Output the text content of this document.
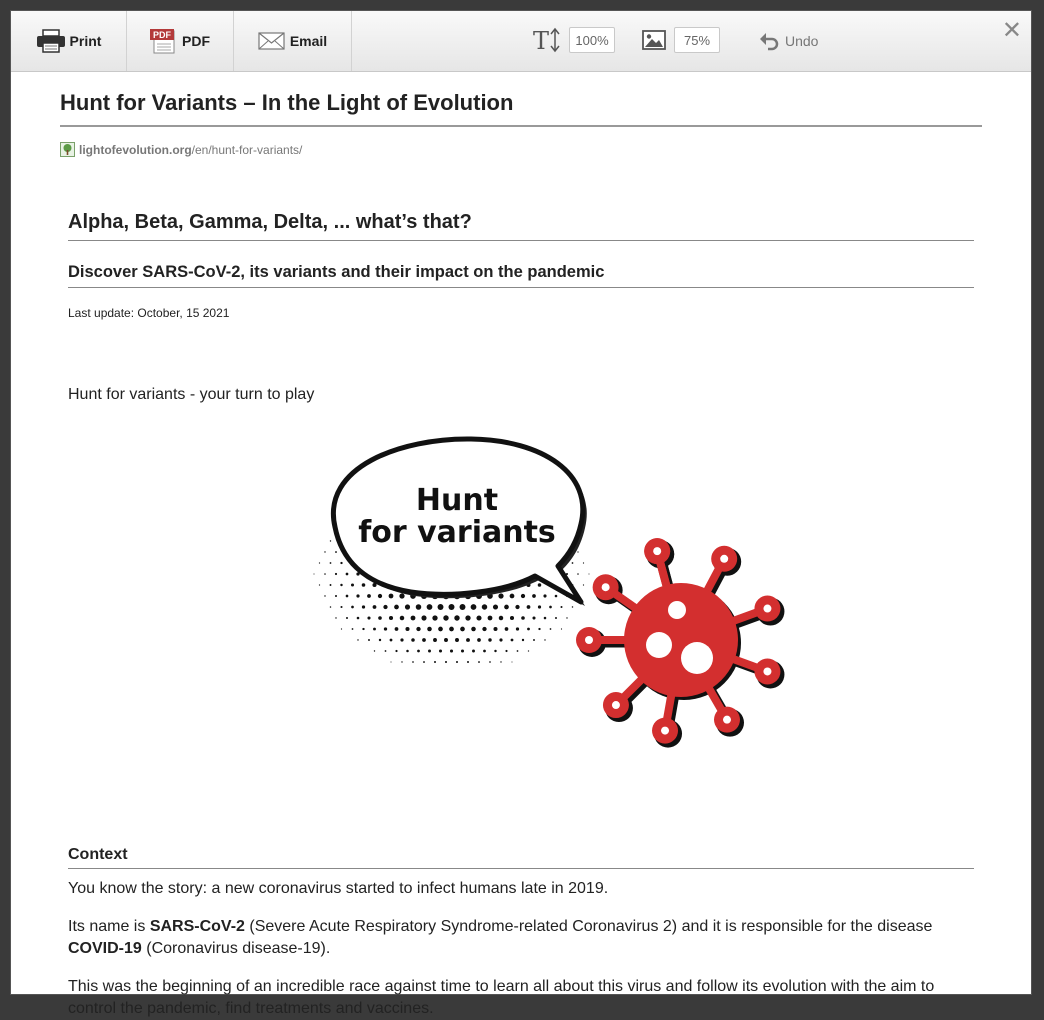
Print	PDF PDF	Email	T	100%	75%	Undo	✕
Hunt for Variants – In the Light of Evolution
lightofevolution.org /en/hunt-for-variants/
Alpha, Beta, Gamma, Delta, ... what’s that?
Discover SARS-CoV-2, its variants and their impact on the pandemic
Last update: October, 15 2021

Hunt for variants - your turn to play

Hunt
for variants
Context

You know the story: a new coronavirus started to infect humans late in 2019.

Its name is SARS-CoV-2 (Severe Acute Respiratory Syndrome-related Coronavirus 2) and it is responsible for the disease COVID-19 (Coronavirus disease-19).

This was the beginning of an incredible race against time to learn all about this virus and follow its evolution with the aim to control the pandemic, find treatments and vaccines.
